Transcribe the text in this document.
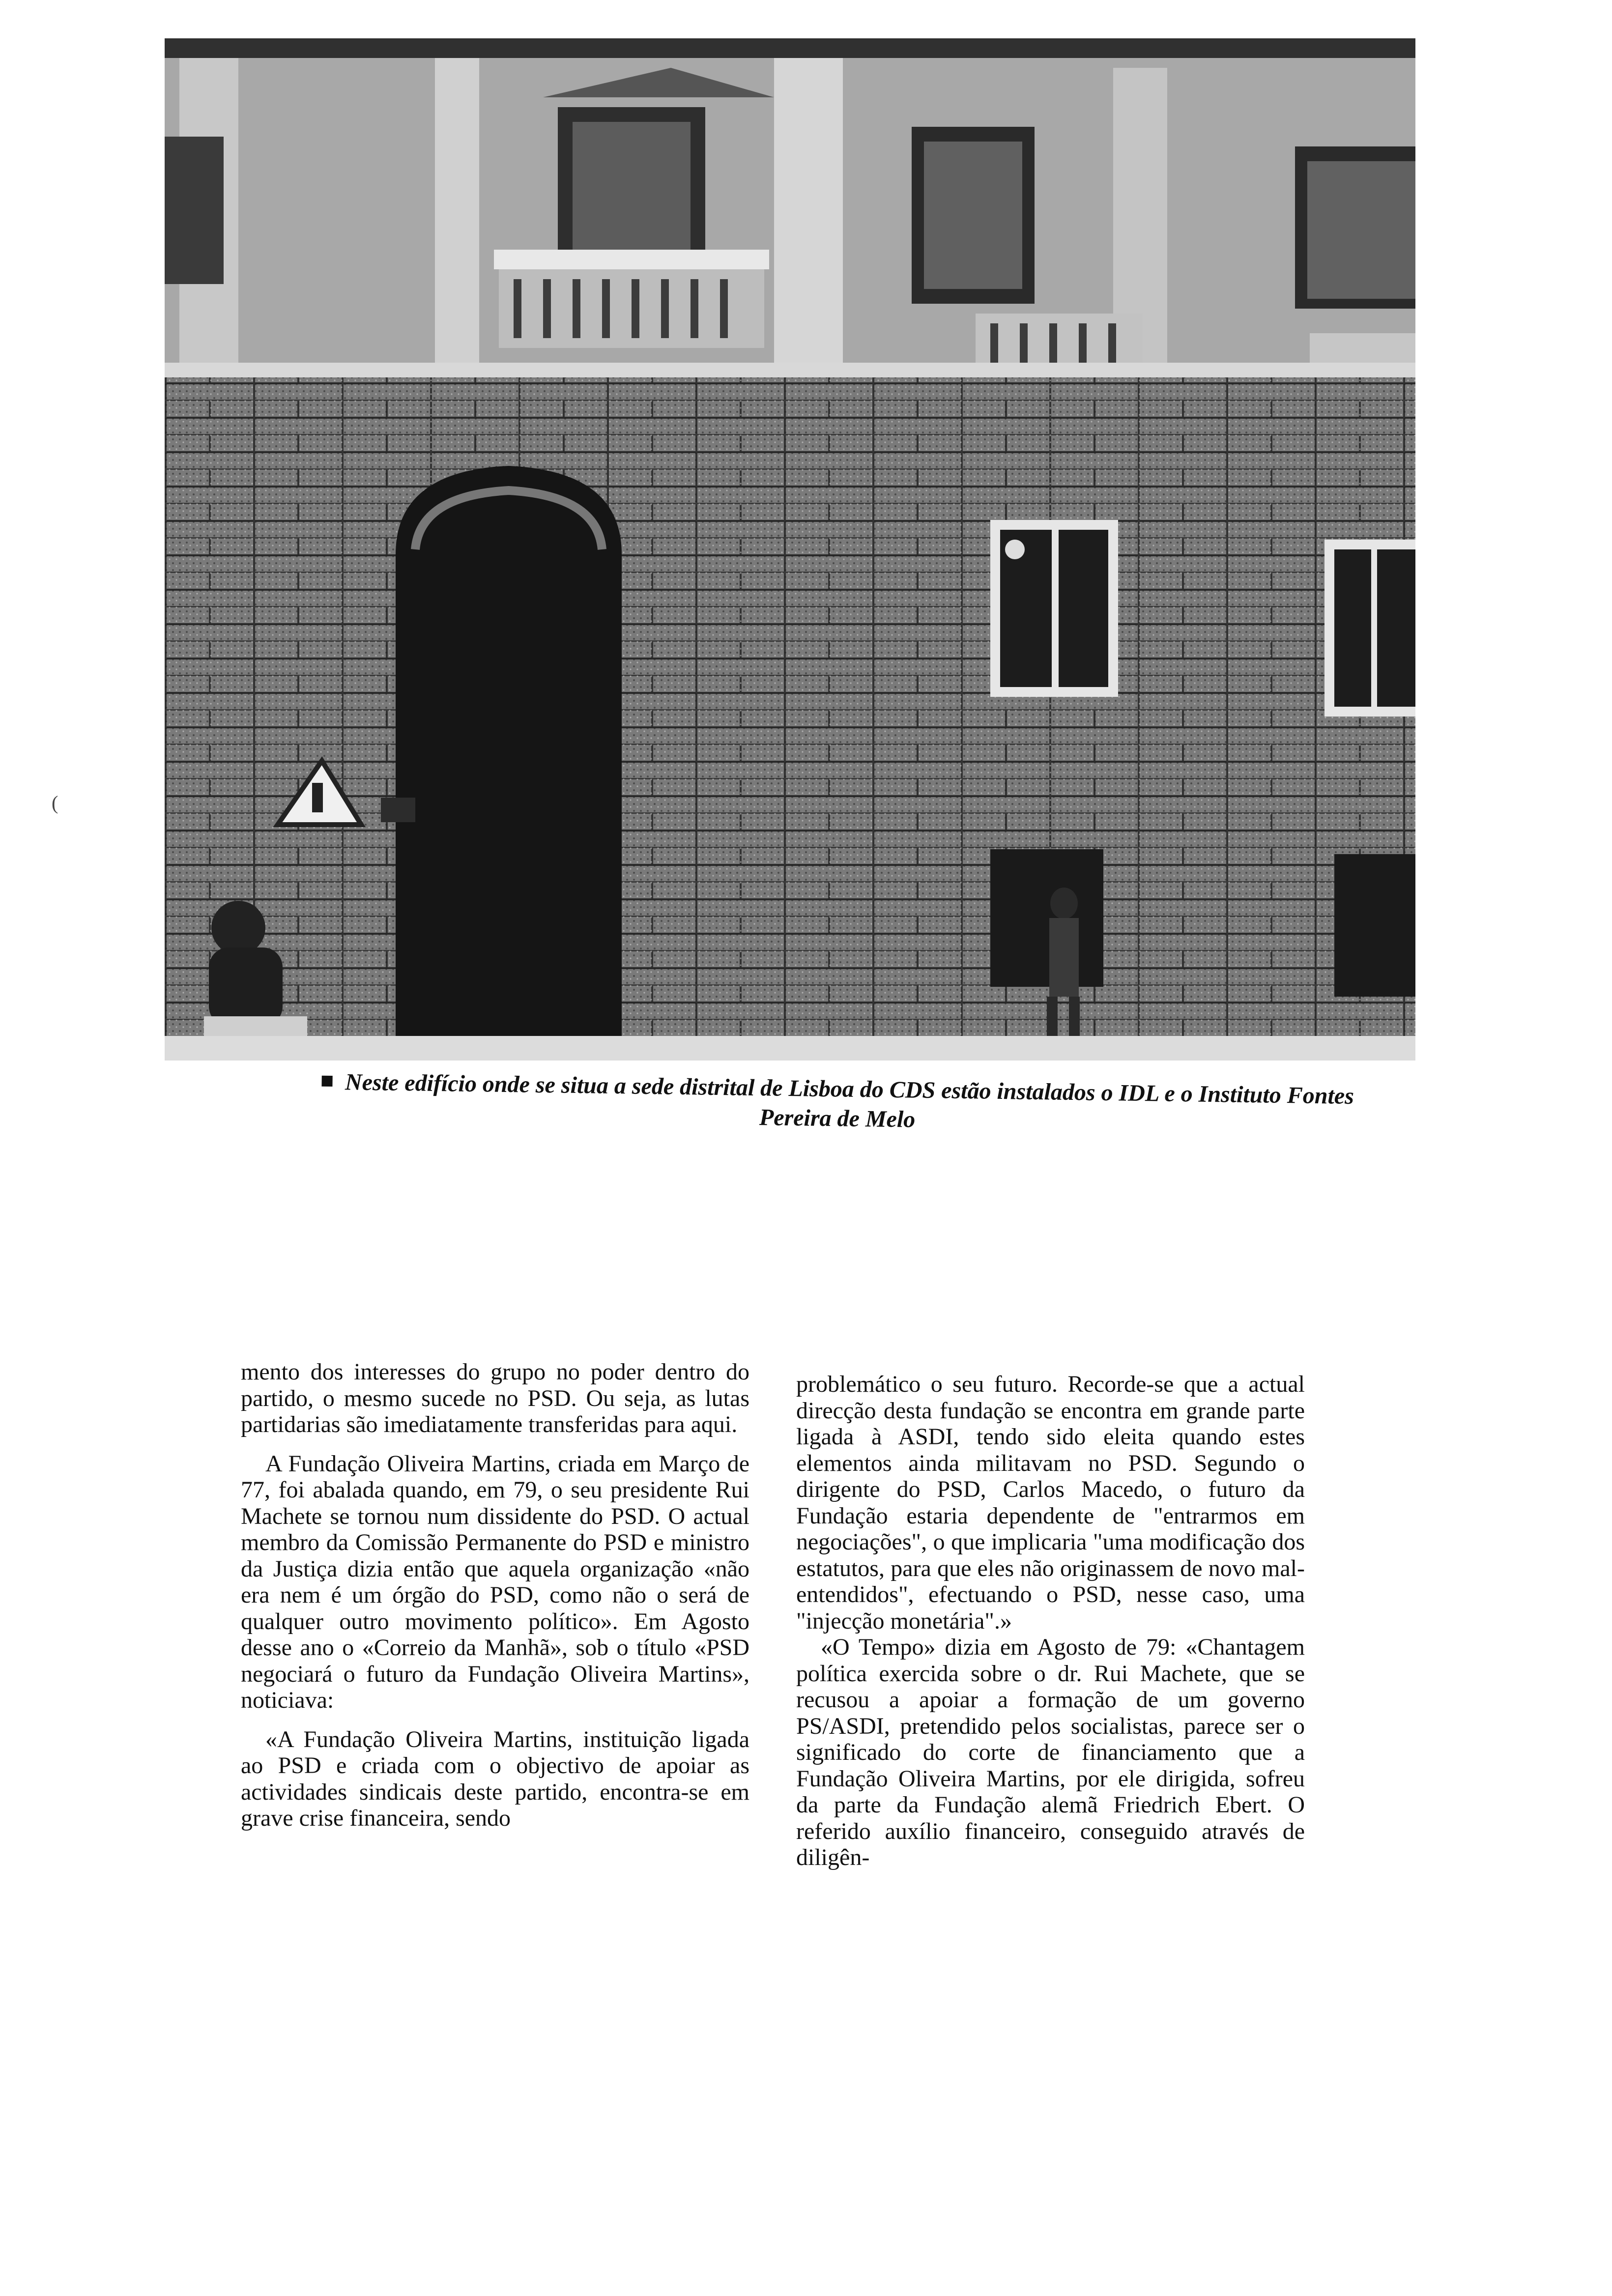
Neste edifício onde se situa a sede distrital de Lisboa do CDS estão instalados o IDL e o Instituto Fontes
Pereira de Melo
(

mento dos interesses do grupo no poder dentro do partido, o mesmo sucede no PSD. Ou seja, as lutas partidarias são imediatamente transferidas para aqui.

A Fundação Oliveira Martins, criada em Março de 77, foi abalada quando, em 79, o seu presidente Rui Machete se tornou num dissidente do PSD. O actual membro da Comissão Permanente do PSD e ministro da Justiça dizia então que aquela organização «não era nem é um órgão do PSD, como não o será de qualquer outro movimento político». Em Agosto desse ano o «Correio da Manhã», sob o título «PSD negociará o futuro da Fundação Oliveira Martins», noticiava:

«A Fundação Oliveira Martins, instituição ligada ao PSD e criada com o objectivo de apoiar as actividades sindicais deste partido, encontra-se em grave crise financeira, sendo

problemático o seu futuro. Recorde-se que a actual direcção desta fundação se encontra em grande parte ligada à ASDI, tendo sido eleita quando estes elementos ainda militavam no PSD. Segundo o dirigente do PSD, Carlos Macedo, o futuro da Fundação estaria dependente de "entrarmos em negociações", o que implicaria "uma modificação dos estatutos, para que eles não originassem de novo mal-entendidos", efectuando o PSD, nesse caso, uma "injecção monetária".»

«O Tempo» dizia em Agosto de 79: «Chantagem política exercida sobre o dr. Rui Machete, que se recusou a apoiar a formação de um governo PS/ASDI, pretendido pelos socialistas, parece ser o significado do corte de financiamento que a Fundação Oliveira Martins, por ele dirigida, sofreu da parte da Fundação alemã Friedrich Ebert. O referido auxílio financeiro, conseguido através de diligên-
